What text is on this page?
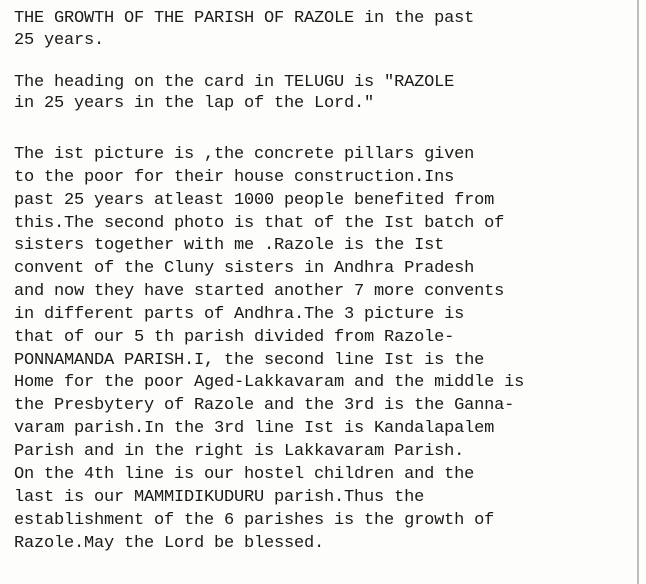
THE GROWTH OF THE PARISH OF RAZOLE in the past

25 years.

The heading on the card in TELUGU is "RAZOLE

in 25 years in the lap of the Lord."

The ist picture is ,the concrete pillars given

to the poor for their house construction.Ins

past 25 years atleast 1000 people benefited from

this.The second photo is that of the Ist batch of

sisters together with me .Razole is the Ist

convent of the Cluny sisters in Andhra Pradesh

and now they have started another 7 more convents

in different parts of Andhra.The 3 picture is

that of our 5 th parish divided from Razole-

PONNAMANDA PARISH.I, the second line Ist is the

Home for the poor Aged-Lakkavaram and the middle is

the Presbytery of Razole and the 3rd is the Ganna-

varam parish.In the 3rd line Ist is Kandalapalem

Parish and in the right is Lakkavaram Parish.

On the 4th line is our hostel children and the

last is our MAMMIDIKUDURU parish.Thus the

establishment of the 6 parishes is the growth of

Razole.May the Lord be blessed.
